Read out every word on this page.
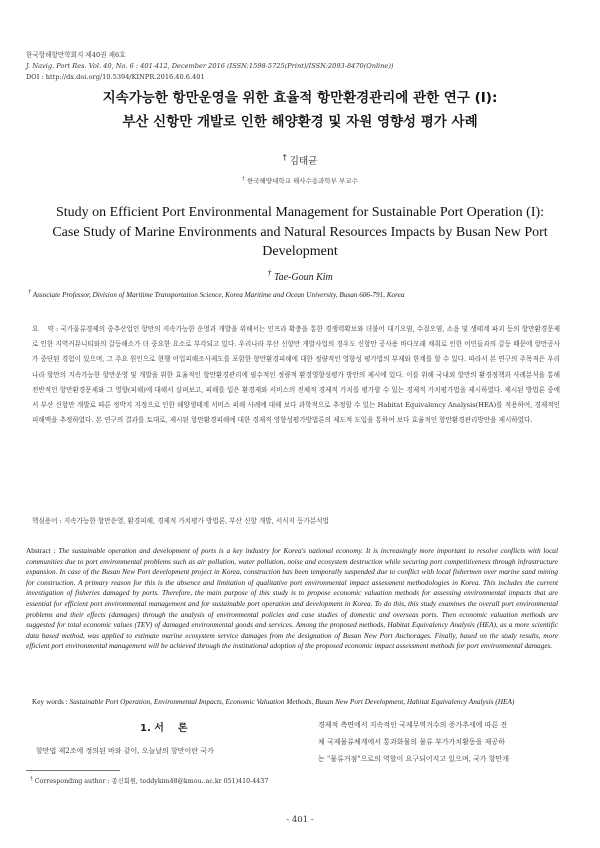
한국항해항만학회지 제40권 제6호
J. Navig. Port Res. Vol. 40, No. 6 : 401-412, December 2016 (ISSN:1598-5725(Print)/ISSN:2093-8470(Online))
DOI : http://dx.doi.org/10.5394/KINPR.2016.40.6.401
지속가능한 항만운영을 위한 효율적 항만환경관리에 관한 연구 (I):
부산 신항만 개발로 인한 해양환경 및 자원 영향성 평가 사례
† 김태균
† 한국해양대학교 해사수송과학부 부교수
Study on Efficient Port Environmental Management for Sustainable Port Operation (I): Case Study of Marine Environments and Natural Resources Impacts by Busan New Port Development
† Tae-Goun Kim
† Associate Professor, Division of Maritime Transportation Science, Korea Maritime and Ocean University, Busan 606-791, Korea
요    약 : 국가물류경제의 중추산업인 항만의 지속가능한 운영과 개발을 위해서는 인프라 확충을 통한 경쟁력확보와 더불어 대기오염, 수질오염, 소음 및 생태계 파괴 등의 항만환경문제로 인한 지역커뮤니티와의 갈등해소가 더 중요한 요소로 부각되고 있다. 우리나라 부산 신항만 개발사업의 경우도 신항만 공사용 바다모래 채취로 인한 어민들과의 갈등 때문에 항만공사가 중단된 경험이 있으며, 그 주요 원인으로 현행 어업피해조사제도를 포함한 항만환경피해에 대한 정량적인 영향성 평가법의 부재와 한계를 할 수 있다. 따라서 본 연구의 주목적은 우리나라 항만의 지속가능한 항만운영 및 개발을 위한 효율적인 항만환경관리에 필수적인 정량적 환경영향성평가 방안의 제시에 있다. 이를 위해 국내외 항만의 환경정책과 사례분석을 통해 전반적인 항만환경문제와 그 영향(피해)에 대해서 살펴보고, 피해를 입은 환경재와 서비스의 전체적 경제적 가치를 평가할 수 있는 경제적 가치평가법을 제시하였다. 제시된 방법론 중에서 부산 신항만 개발로 따른 정박지 지정으로 인한 해양생태계 서비스 피해 사례에 대해 보다 과학적으로 추정할 수 있는 Habitat Equivalency Analysis(HEA)를 적용하여, 경제적인 피해액을 추정하였다. 본 연구의 결과를 토대로, 제시된 항만환경피해에 대한 경제적 영향성평가방법론의 제도적 도입을 통하여 보다 효율적인 항만환경관리방안을 제시하였다.
핵심용어 : 지속가능한 항만운영, 환경피해, 경제적 가치평가 방법론, 부산 신항 개발, 서식지 등가분석법
Abstract : The sustainable operation and development of ports is a key industry for Korea's national economy. It is increasingly more important to resolve conflicts with local communities due to port environmental problems such as air pollution, water pollution, noise and ecosystem destruction while securing port competitiveness through infrastructure expansion. In case of the Busan New Port development project in Korea, construction has been temporally suspended due to conflict with local fishermen over marine sand mining for construction. A primary reason for this is the absence and limitation of qualitative port environmental impact assessment methodologies in Korea. This includes the current investigation of fisheries damaged by ports. Therefore, the main purpose of this study is to propose economic valuation methods for assessing environmental impacts that are essential for efficient port environmental management and for sustainable port operation and development in Korea. To do this, this study examines the overall port environmental problems and their effects (damages) through the analysis of environmental policies and case studies of domestic and overseas ports. Then economic valuation methods are suggested for total economic values (TEV) of damaged environmental goods and services. Among the proposed methods, Habitat Equivalency Analysis (HEA), as a more scientific data based method, was applied to estimate marine ecosystem service damages from the designation of Busan New Port Anchorages. Finally, based on the study results, more efficient port environmental management will be achieved through the institutional adoption of the proposed economic impact assessment methods for port environmental damages.
Key words : Sustainable Port Operation, Environmental Impacts, Economic Valuation Methods, Busan New Port Development, Habitat Equivalency Analysis (HEA)
1. 서    론
항만법 제2조에 정의된 바와 같이, 오늘날의 항만이란 국가
경제적 측면에서 지속적인 국제무역거수의 증가추세에 따른 전
체 국제물류체계에서 통과화물의 물류 부가가치활동을 제공하
는 "물류거점"으로의 역할이 요구되어지고 있으며, 국가 항만개
† Corresponding author : 종신회원, teddykim48@kmou..ac.kr 051)410-4437
- 401 -
